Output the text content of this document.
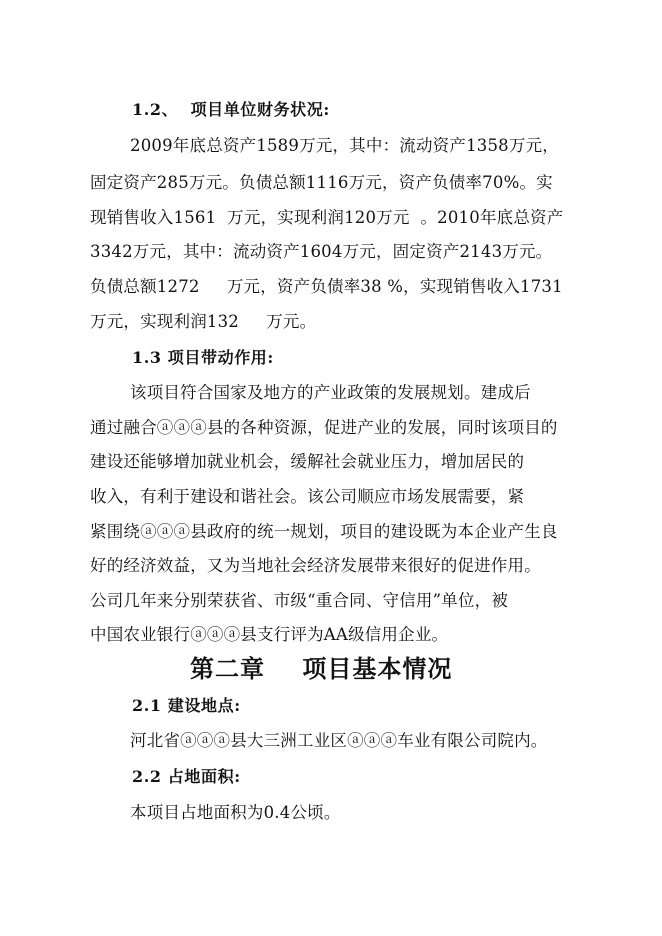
1.2、  项目单位财务状况:
2009年底总资产1589万元，其中：流动资产1358万元，
固定资产285万元。负债总额1116万元，资产负债率70%。实
现销售收入1561  万元，实现利润120万元  。2010年底总资产
3342万元，其中：流动资产1604万元，固定资产2143万元。
负债总额1272     万元，资产负债率38 %，实现销售收入1731
万元，实现利润132     万元。
1.3 项目带动作用:
该项目符合国家及地方的产业政策的发展规划。建成后
通过融合ⓐⓐⓐ县的各种资源，促进产业的发展，同时该项目的
建设还能够增加就业机会，缓解社会就业压力，增加居民的
收入，有利于建设和谐社会。该公司顺应市场发展需要，紧
紧围绕ⓐⓐⓐ县政府的统一规划，项目的建设既为本企业产生良
好的经济效益，又为当地社会经济发展带来很好的促进作用。
公司几年来分别荣获省、市级“重合同、守信用”单位，被
中国农业银行ⓐⓐⓐ县支行评为AA级信用企业。
第二章    项目基本情况
2.1 建设地点:
河北省ⓐⓐⓐ县大三洲工业区ⓐⓐⓐ车业有限公司院内。
2.2 占地面积:
本项目占地面积为0.4公顷。
